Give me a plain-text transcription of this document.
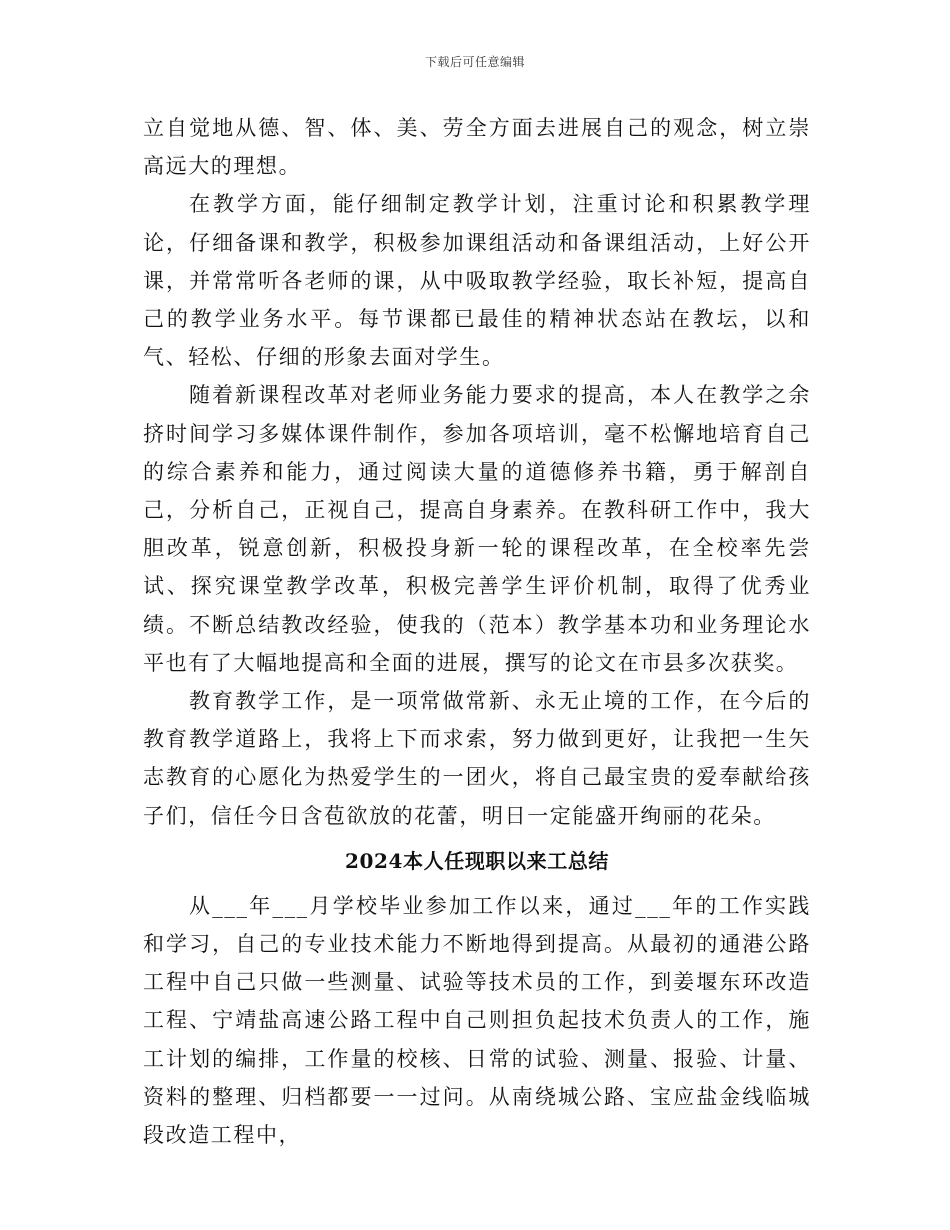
下载后可任意编辑

立自觉地从德、智、体、美、劳全方面去进展自己的观念，树立崇高远大的理想。

在教学方面，能仔细制定教学计划，注重讨论和积累教学理论，仔细备课和教学，积极参加课组活动和备课组活动，上好公开课，并常常听各老师的课，从中吸取教学经验，取长补短，提高自己的教学业务水平。每节课都已最佳的精神状态站在教坛，以和气、轻松、仔细的形象去面对学生。

随着新课程改革对老师业务能力要求的提高，本人在教学之余挤时间学习多媒体课件制作，参加各项培训，毫不松懈地培育自己的综合素养和能力，通过阅读大量的道德修养书籍，勇于解剖自己，分析自己，正视自己，提高自身素养。在教科研工作中，我大胆改革，锐意创新，积极投身新一轮的课程改革，在全校率先尝试、探究课堂教学改革，积极完善学生评价机制，取得了优秀业绩。不断总结教改经验，使我的（范本）教学基本功和业务理论水平也有了大幅地提高和全面的进展，撰写的论文在市县多次获奖。

教育教学工作，是一项常做常新、永无止境的工作，在今后的教育教学道路上，我将上下而求索，努力做到更好，让我把一生矢志教育的心愿化为热爱学生的一团火，将自己最宝贵的爱奉献给孩子们，信任今日含苞欲放的花蕾，明日一定能盛开绚丽的花朵。

2024本人任现职以来工总结

从___年___月学校毕业参加工作以来，通过___年的工作实践和学习，自己的专业技术能力不断地得到提高。从最初的通港公路工程中自己只做一些测量、试验等技术员的工作，到姜堰东环改造工程、宁靖盐高速公路工程中自己则担负起技术负责人的工作，施工计划的编排，工作量的校核、日常的试验、测量、报验、计量、资料的整理、归档都要一一过问。从南绕城公路、宝应盐金线临城段改造工程中，
